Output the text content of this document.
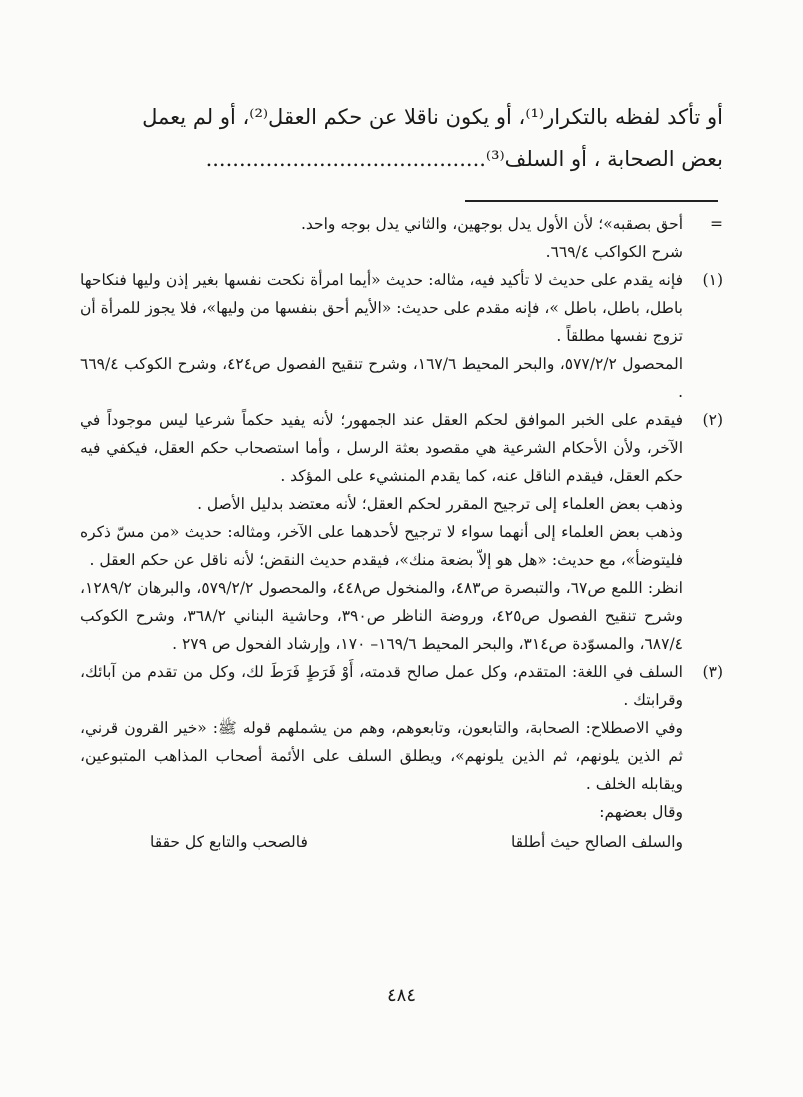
أو تأكد لفظه بالتكرار⁽¹⁾، أو يكون ناقلا عن حكم العقل⁽²⁾، أو لم يعمل

بعض الصحابة ، أو السلف⁽³⁾..........................................

=

أحق بصقبه»؛ لأن الأول يدل بوجهين، والثاني يدل بوجه واحد.

شرح الكواكب ٦٦٩/٤.

(١)

فإنه يقدم على حديث لا تأكيد فيه، مثاله: حديث «أيما امرأة نكحت نفسها بغير إذن وليها فنكاحها باطل، باطل، باطل »، فإنه مقدم على حديث: «الأيم أحق بنفسها من وليها»، فلا يجوز للمرأة أن تزوج نفسها مطلقاً .

المحصول ٥٧٧/٢/٢، والبحر المحيط ١٦٧/٦، وشرح تنقيح الفصول ص٤٢٤، وشرح الكوكب ٦٦٩/٤ .

(٢)

فيقدم على الخبر الموافق لحكم العقل عند الجمهور؛ لأنه يفيد حكماً شرعيا ليس موجوداً في الآخر، ولأن الأحكام الشرعية هي مقصود بعثة الرسل ، وأما استصحاب حكم العقل، فيكفي فيه حكم العقل، فيقدم الناقل عنه، كما يقدم المنشيء على المؤكد .

وذهب بعض العلماء إلى ترجيح المقرر لحكم العقل؛ لأنه معتضد بدليل الأصل .

وذهب بعض العلماء إلى أنهما سواء لا ترجيح لأحدهما على الآخر، ومثاله: حديث «من مسّ ذكره فليتوضأ»، مع حديث: «هل هو إلاّ بضعة منك»، فيقدم حديث النقض؛ لأنه ناقل عن حكم العقل .

انظر: اللمع ص٦٧، والتبصرة ص٤٨٣، والمنخول ص٤٤٨، والمحصول ٥٧٩/٢/٢، والبرهان ١٢٨٩/٢، وشرح تنقيح الفصول ص٤٢٥، وروضة الناظر ص٣٩٠، وحاشية البناني ٣٦٨/٢، وشرح الكوكب ٦٨٧/٤، والمسوّدة ص٣١٤، والبحر المحيط ١٦٩/٦– ١٧٠، وإرشاد الفحول ص ٢٧٩ .

(٣)

السلف في اللغة: المتقدم، وكل عمل صالح قدمته، أَوْ فَرَطٍ فَرَطَ لك، وكل من تقدم من آبائك، وقرابتك .

وفي الاصطلاح: الصحابة، والتابعون، وتابعوهم، وهم من يشملهم قوله ﷺ: «خير القرون قرني، ثم الذين يلونهم، ثم الذين يلونهم»، ويطلق السلف على الأئمة أصحاب المذاهب المتبوعين، ويقابله الخلف .

وقال بعضهم:

والسلف الصالح حيث أطلقا
فالصحب والتابع كل حققا
٤٨٤
